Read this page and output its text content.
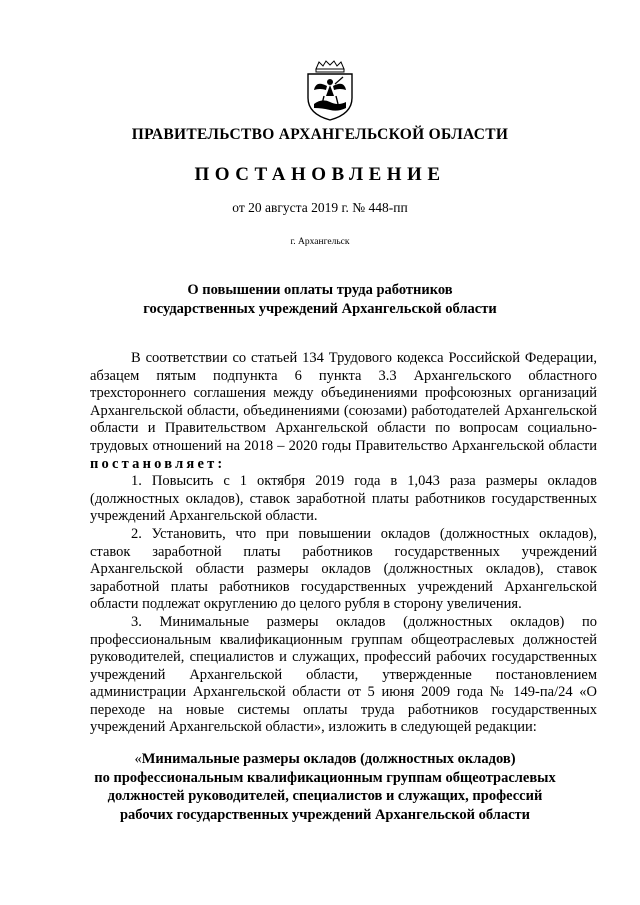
ПРАВИТЕЛЬСТВО АРХАНГЕЛЬСКОЙ ОБЛАСТИ
ПОСТАНОВЛЕНИЕ
от 20 августа 2019 г. № 448-пп
г. Архангельск
О повышении оплаты труда работников
государственных учреждений Архангельской области

В соответствии со статьей 134 Трудового кодекса Российской Федерации, абзацем пятым подпункта 6 пункта 3.3 Архангельского областного трехстороннего соглашения между объединениями профсоюзных организаций Архангельской области, объединениями (союзами) работодателей Архангельской области и Правительством Архангельской области по вопросам социально-трудовых отношений на 2018 – 2020 годы Правительство Архангельской области постановляет:

1. Повысить с 1 октября 2019 года в 1,043 раза размеры окладов (должностных окладов), ставок заработной платы работников государственных учреждений Архангельской области.

2. Установить, что при повышении окладов (должностных окладов), ставок заработной платы работников государственных учреждений Архангельской области размеры окладов (должностных окладов), ставок заработной платы работников государственных учреждений Архангельской области подлежат округлению до целого рубля в сторону увеличения.

3. Минимальные размеры окладов (должностных окладов) по профессиональным квалификационным группам общеотраслевых должностей руководителей, специалистов и служащих, профессий рабочих государственных учреждений Архангельской области, утвержденные постановлением администрации Архангельской области от 5 июня 2009 года № 149-па/24 «О переходе на новые системы оплаты труда работников государственных учреждений Архангельской области», изложить в следующей редакции:

«Минимальные размеры окладов (должностных окладов)
по профессиональным квалификационным группам общеотраслевых
должностей руководителей, специалистов и служащих, профессий
рабочих государственных учреждений Архангельской области
